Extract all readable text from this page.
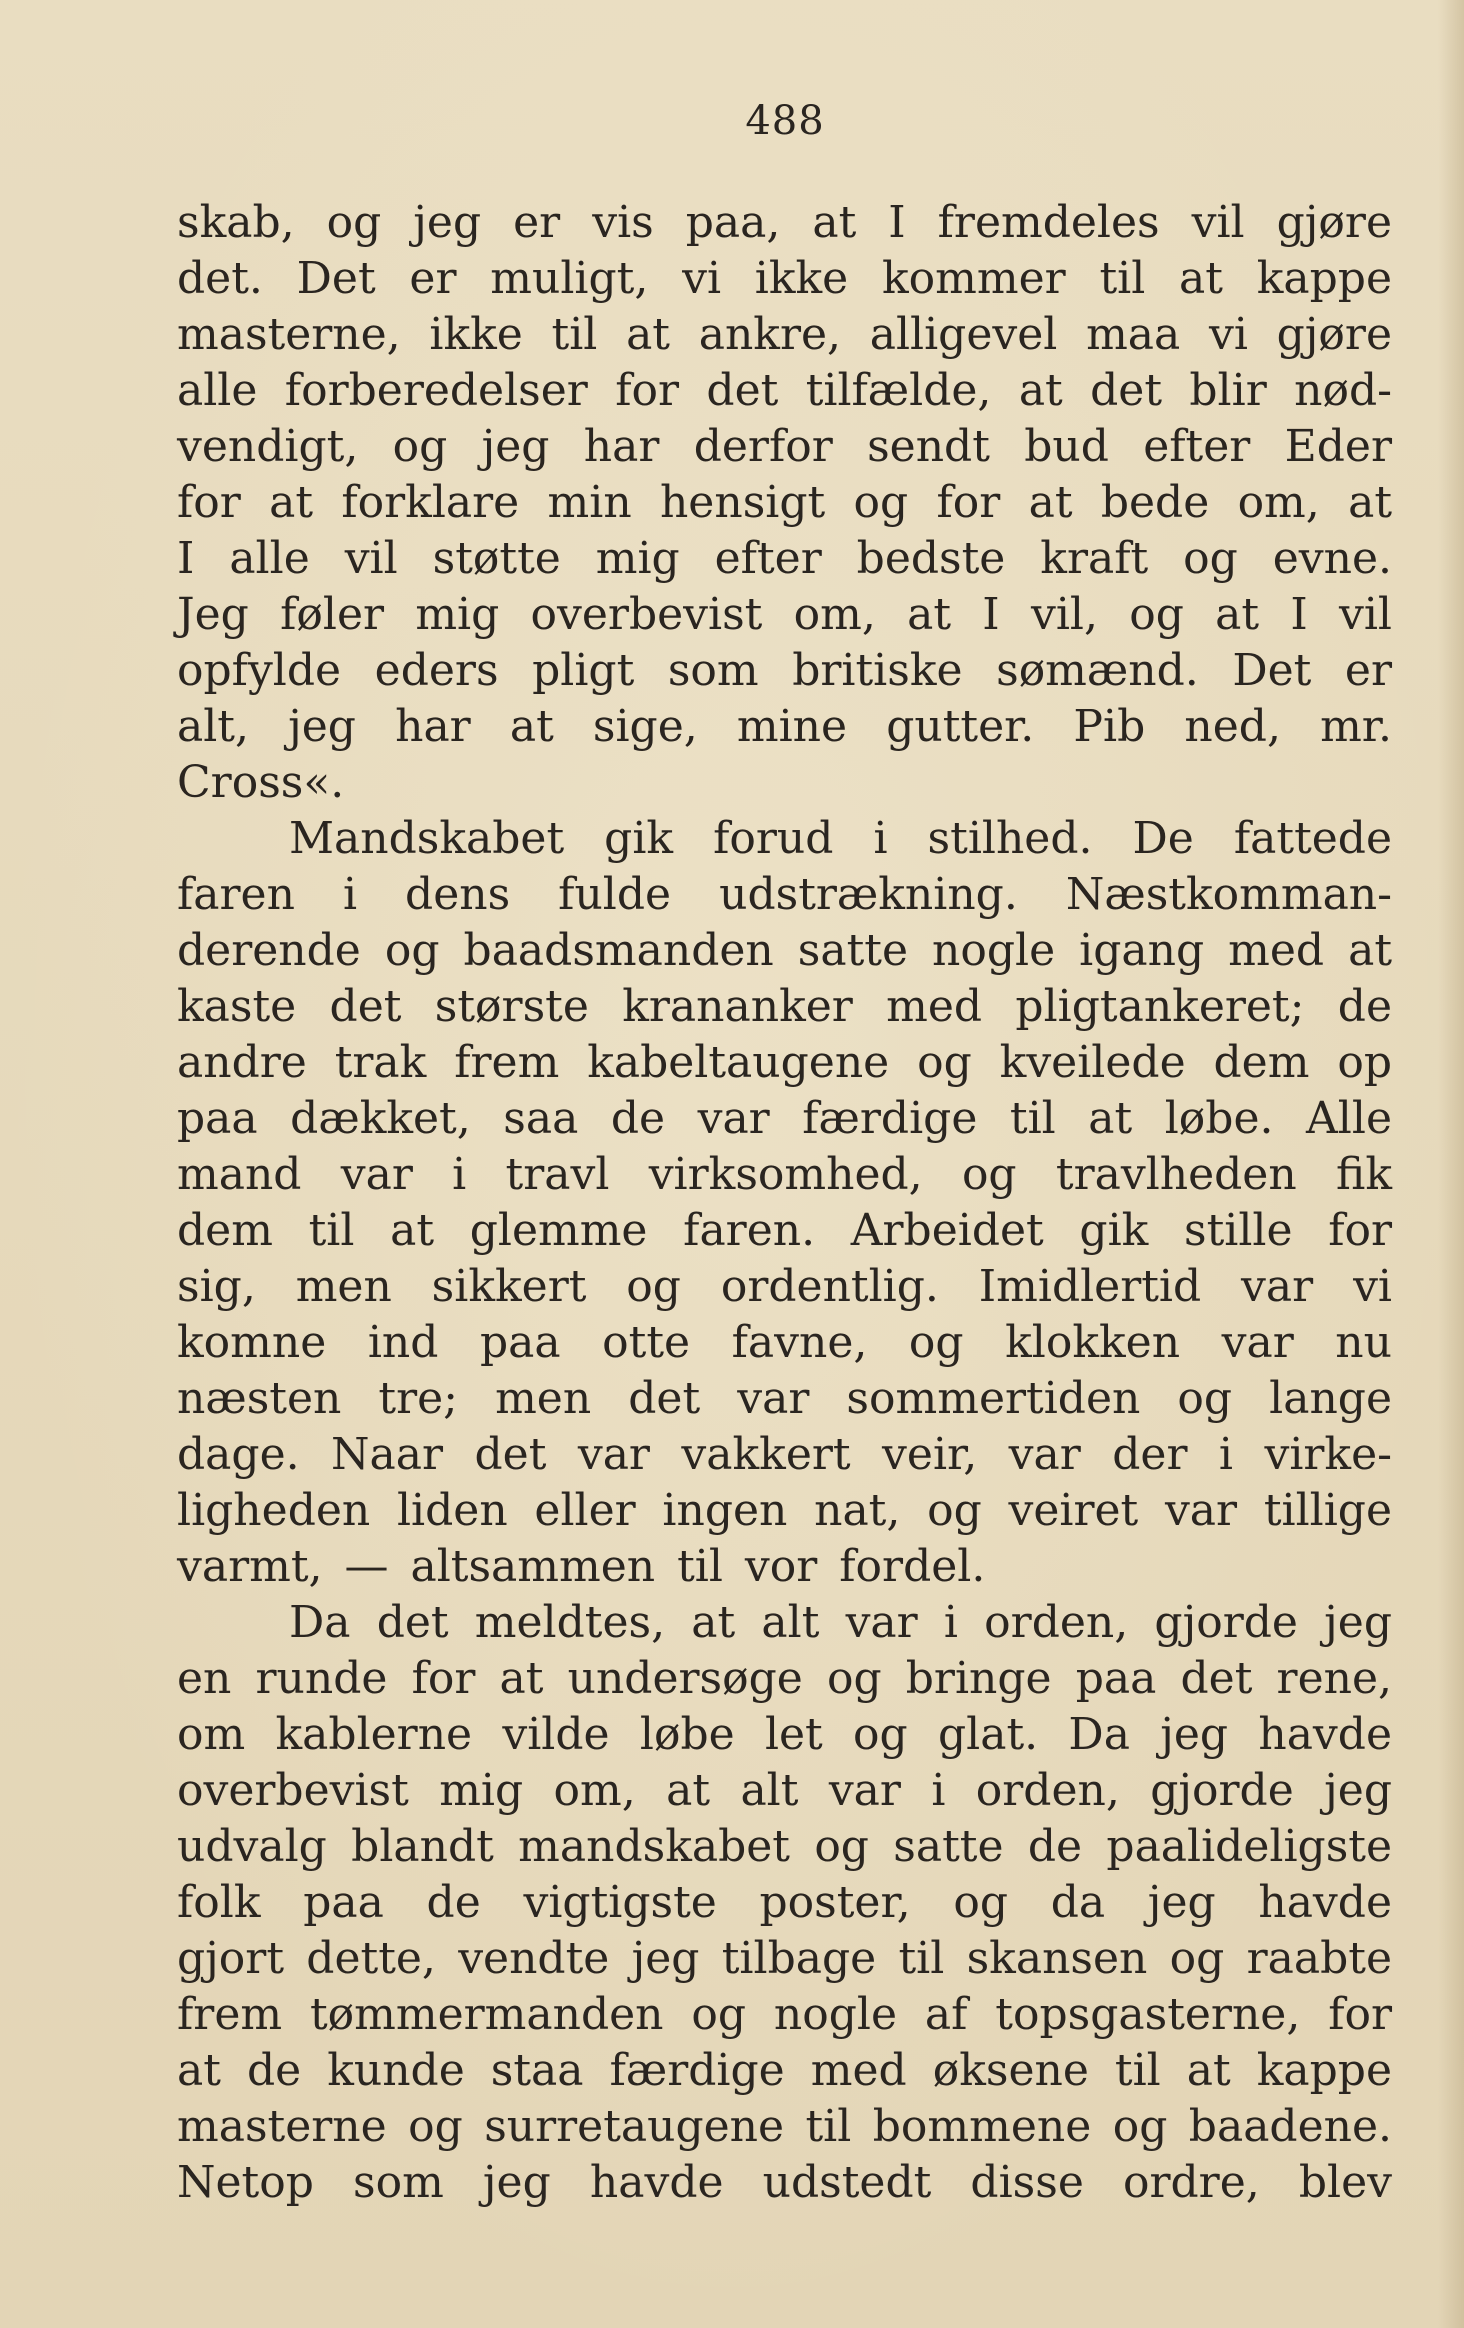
488
skab, og jeg er vis paa, at I fremdeles vil gjøre
det. Det er muligt, vi ikke kommer til at kappe
masterne, ikke til at ankre, alligevel maa vi gjøre
alle forberedelser for det tilfælde, at det blir nød-
vendigt, og jeg har derfor sendt bud efter Eder
for at forklare min hensigt og for at bede om, at
I alle vil støtte mig efter bedste kraft og evne.
Jeg føler mig overbevist om, at I vil, og at I vil
opfylde eders pligt som britiske sømænd. Det er
alt, jeg har at sige, mine gutter. Pib ned, mr.
Cross«.
Mandskabet gik forud i stilhed. De fattede
faren i dens fulde udstrækning. Næstkomman-
derende og baadsmanden satte nogle igang med at
kaste det største krananker med pligtankeret; de
andre trak frem kabeltaugene og kveilede dem op
paa dækket, saa de var færdige til at løbe. Alle
mand var i travl virksomhed, og travlheden fik
dem til at glemme faren. Arbeidet gik stille for
sig, men sikkert og ordentlig. Imidlertid var vi
komne ind paa otte favne, og klokken var nu
næsten tre; men det var sommertiden og lange
dage. Naar det var vakkert veir, var der i virke-
ligheden liden eller ingen nat, og veiret var tillige
varmt, — altsammen til vor fordel.
Da det meldtes, at alt var i orden, gjorde jeg
en runde for at undersøge og bringe paa det rene,
om kablerne vilde løbe let og glat. Da jeg havde
overbevist mig om, at alt var i orden, gjorde jeg
udvalg blandt mandskabet og satte de paalideligste
folk paa de vigtigste poster, og da jeg havde
gjort dette, vendte jeg tilbage til skansen og raabte
frem tømmermanden og nogle af topsgasterne, for
at de kunde staa færdige med øksene til at kappe
masterne og surretaugene til bommene og baadene.
Netop som jeg havde udstedt disse ordre, blev
